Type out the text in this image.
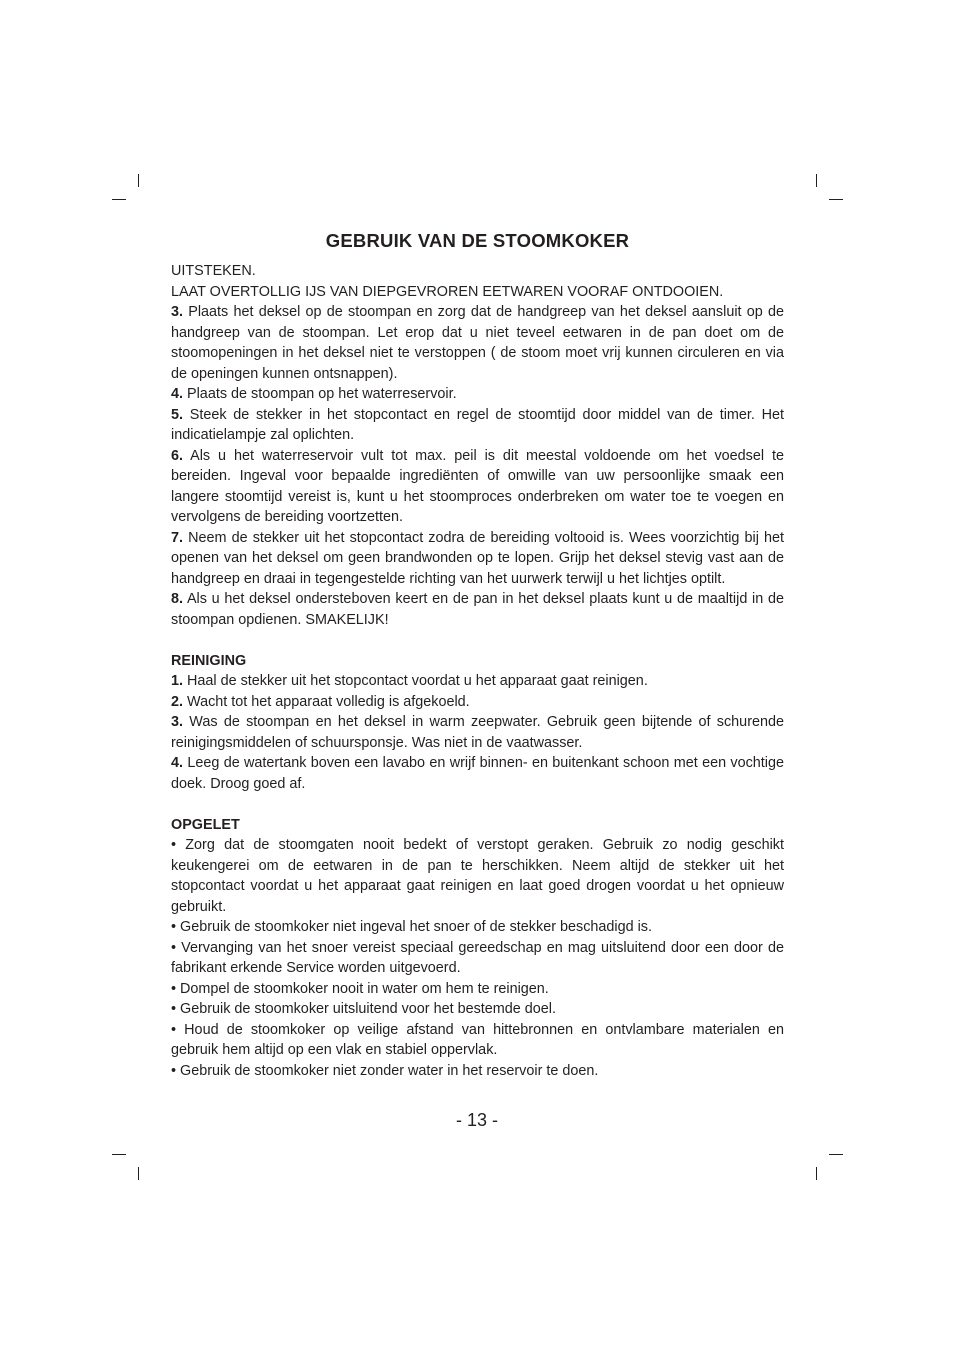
GEBRUIK VAN DE STOOMKOKER

UITSTEKEN.

LAAT OVERTOLLIG IJS VAN DIEPGEVROREN EETWAREN VOORAF ONTDOOIEN.

3. Plaats het deksel op de stoompan en zorg dat de handgreep van het deksel aansluit op de handgreep van de stoompan. Let erop dat u niet teveel eetwaren in de pan doet om de stoomopeningen in het deksel niet te verstoppen ( de stoom moet vrij kunnen circuleren en via de openingen kunnen ontsnappen).

4. Plaats de stoompan op het waterreservoir.

5. Steek de stekker in het stopcontact en regel de stoomtijd door middel van de timer. Het indicatielampje zal oplichten.

6. Als u het waterreservoir vult tot max. peil is dit meestal voldoende om het voedsel te bereiden. Ingeval voor bepaalde ingrediënten of omwille van uw persoonlijke smaak een langere stoomtijd vereist is, kunt u het stoomproces onderbreken om water toe te voegen en vervolgens de bereiding voortzetten.

7. Neem de stekker uit het stopcontact zodra de bereiding voltooid is. Wees voorzichtig bij het openen van het deksel om geen brandwonden op te lopen. Grijp het deksel stevig vast aan de handgreep en draai in tegengestelde richting van het uurwerk terwijl u het lichtjes optilt.

8. Als u het deksel ondersteboven keert en de pan in het deksel plaats kunt u de maaltijd in de stoompan opdienen. SMAKELIJK!

REINIGING

1. Haal de stekker uit het stopcontact voordat u het apparaat gaat reinigen.

2. Wacht tot het apparaat volledig is afgekoeld.

3. Was de stoompan en het deksel in warm zeepwater. Gebruik geen bijtende of schurende reinigingsmiddelen of schuursponsje. Was niet in de vaatwasser.

4. Leeg de watertank boven een lavabo en wrijf binnen- en buitenkant schoon met een vochtige doek. Droog goed af.

OPGELET

• Zorg dat de stoomgaten nooit bedekt of verstopt geraken. Gebruik zo nodig geschikt keukengerei om de eetwaren in de pan te herschikken. Neem altijd de stekker uit het stopcontact voordat u het apparaat gaat reinigen en laat goed drogen voordat u het opnieuw gebruikt.

• Gebruik de stoomkoker niet ingeval het snoer of de stekker beschadigd is.

• Vervanging van het snoer vereist speciaal gereedschap en mag uitsluitend door een door de fabrikant erkende Service worden uitgevoerd.

• Dompel de stoomkoker nooit in water om hem te reinigen.

• Gebruik de stoomkoker uitsluitend voor het bestemde doel.

• Houd de stoomkoker op veilige afstand van hittebronnen en ontvlambare materialen en gebruik hem altijd op een vlak en stabiel oppervlak.

• Gebruik de stoomkoker niet zonder water in het reservoir te doen.

- 13 -
